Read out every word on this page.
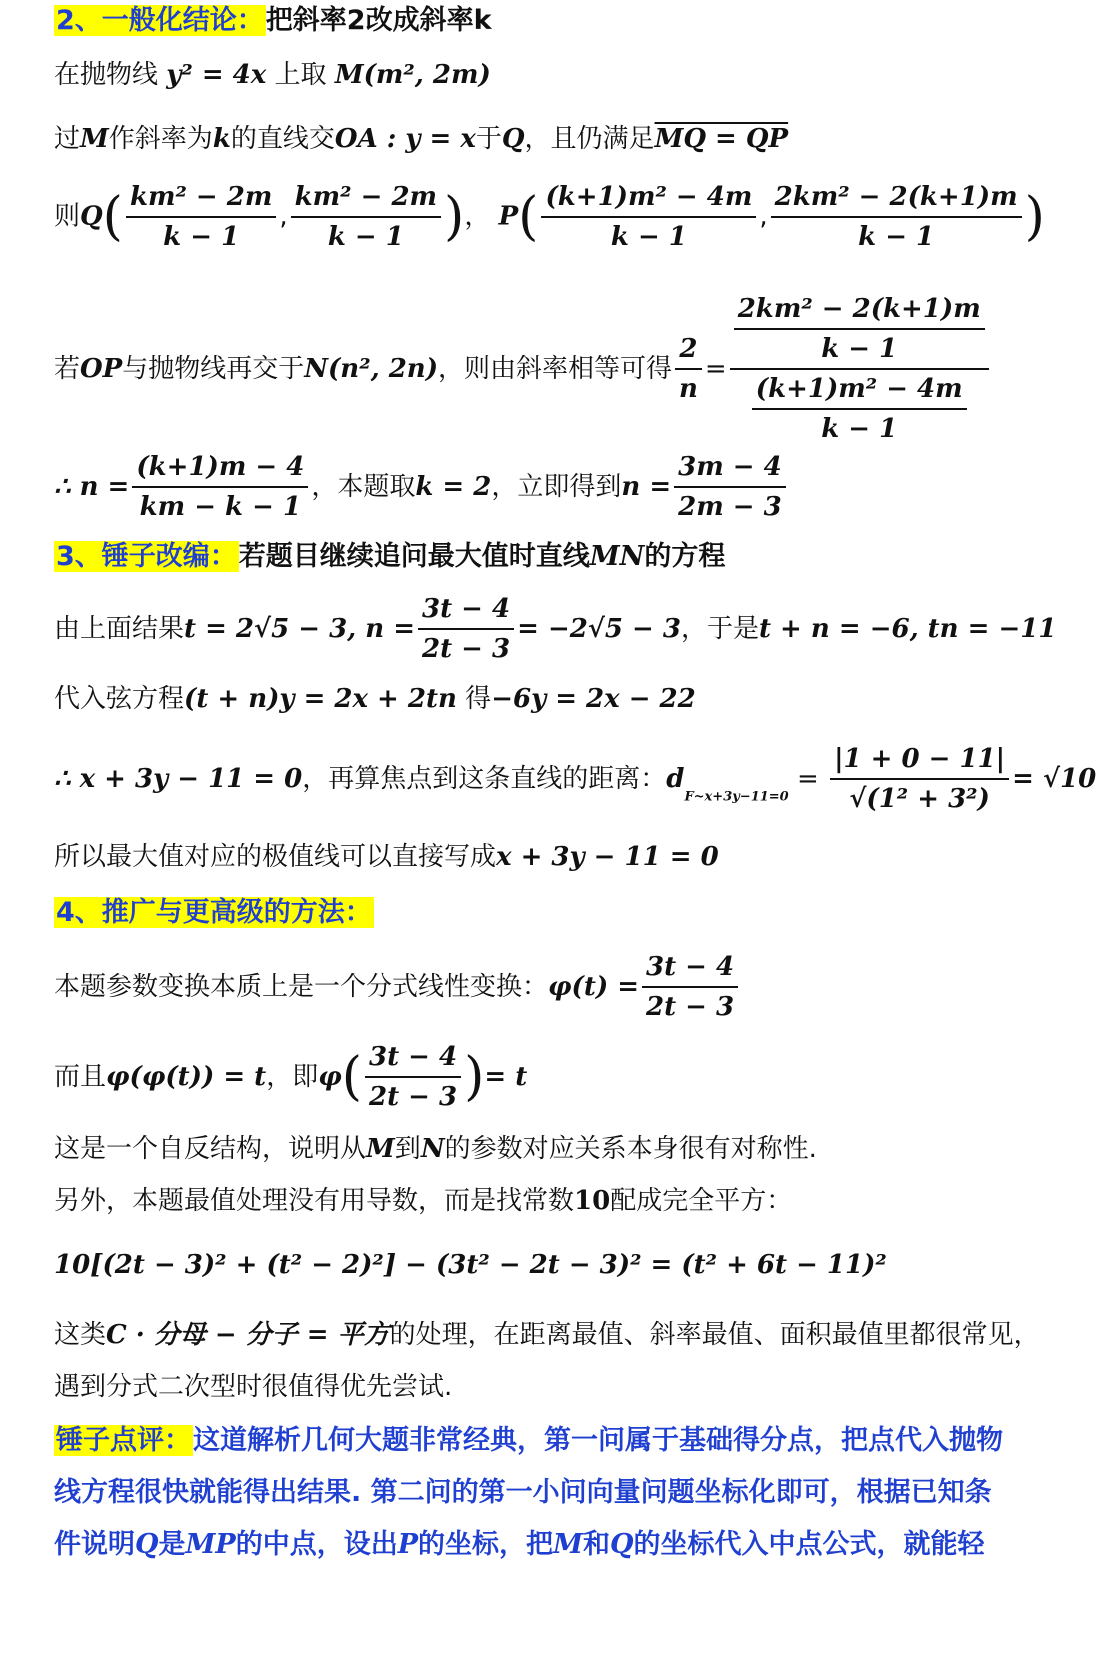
2、一般化结论：把斜率2改成斜率k
在抛物线 y² = 4x 上取 M(m², 2m)
过M作斜率为k的直线交OA : y = x于Q，且仍满足MQ = QP
则$Q( \frac{\text{km² − 2m}}{k - 1}$ , $\frac{\text{km² − 2m}}{k - 1}$ )， $P( \frac{\text{(k+1)m² − 4m}}{k - 1}$ , $\frac{\text{2km² − 2(k+1)m}}{k - 1}$ )
若OP与抛物线再交于N(n², 2n)，则由斜率相等可得 $\frac{2}{n} = \frac{\frac{\text{2km² − 2(k+1)m}}{k - 1}}{\frac{\text{(k+1)m² − 4m}}{k - 1}}$
∴ $n = \frac{(k+1)m - 4}{km - k - 1}$ ，本题取k = 2，立即得到$n = \frac{3m - 4}{2m - 3}$
3、锤子改编：若题目继续追问最大值时直线MN的方程
由上面结果t = 2√5 − 3, $n = \frac{3t - 4}{2t - 3} = -2√5 - 3$，于是t + n = −6, tn = −11
代入弦方程(t + n)y = 2x + 2tn 得−6y = 2x − 22
∴ x + 3y − 11 = 0，再算焦点到这条直线的距离：$d_{F\sim x+3y-11=0} = \frac{|1 + 0 - 11|}{\text{√(1² + 3²)}} = √10$
所以最大值对应的极值线可以直接写成x + 3y − 11 = 0
4、推广与更高级的方法：
本题参数变换本质上是一个分式线性变换：$\varphi(t) = \frac{3t - 4}{2t - 3}$
而且φ(φ(t)) = t，即$\varphi( \frac{3t - 4}{2t - 3}$ )= t
这是一个自反结构，说明从M到N的参数对应关系本身很有对称性.
另外，本题最值处理没有用导数，而是找常数10配成完全平方：
10[(2t − 3)² + (t² − 2)²] − (3t² − 2t − 3)² = (t² + 6t − 11)²
这类C · 分母 − 分子 = 平方的处理，在距离最值、斜率最值、面积最值里都很常见，
遇到分式二次型时很值得优先尝试.
锤子点评：这道解析几何大题非常经典，第一问属于基础得分点，把点代入抛物
线方程很快就能得出结果. 第二问的第一小问向量问题坐标化即可，根据已知条
件说明Q是MP的中点，设出P的坐标，把M和Q的坐标代入中点公式，就能轻
